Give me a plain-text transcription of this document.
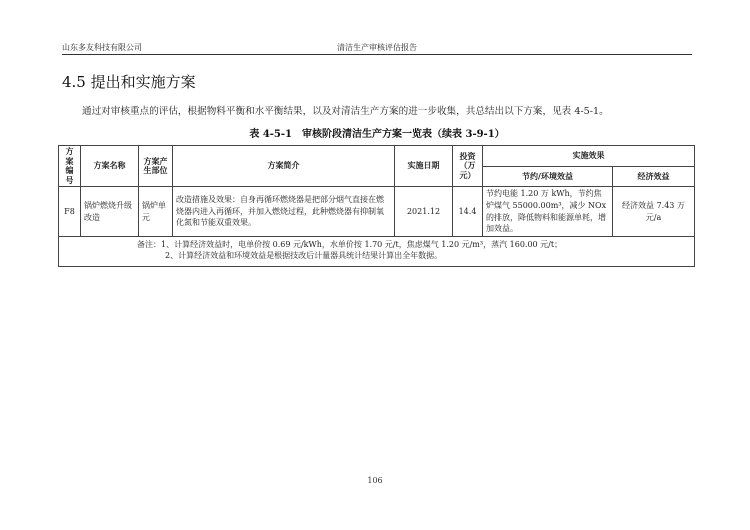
山东多友科技有限公司	清洁生产审核评估报告
4.5 提出和实施方案
通过对审核重点的评估，根据物料平衡和水平衡结果，以及对清洁生产方案的进一步收集，共总结出以下方案，见表 4-5-1。
表 4-5-1　审核阶段清洁生产方案一览表（续表 3-9-1）
方案编号	方案名称	方案产生部位	方案简介	实施日期	投资（万元）	实施效果	
						节约/环境效益	经济效益
F8	锅炉燃烧升级改造	锅炉单元	改造措施及效果：自身再循环燃烧器是把部分烟气直接在燃烧器内进入再循环，并加入燃烧过程，此种燃烧器有抑制氧化氮和节能双重效果。	2021.12	14.4	节约电能 1.20 万 kWh，节约焦炉煤气 55000.00m³，减少 NOx 的排放，降低物料和能源单耗，增加效益。	经济效益 7.43 万元/a

备注：1、计算经济效益时，电单价按 0.69 元/kWh，水单价按 1.70 元/t，焦虑煤气 1.20 元/m³，蒸汽 160.00 元/t；
2、计算经济效益和环境效益是根据技改后计量器具统计结果计算出全年数据。							
106
